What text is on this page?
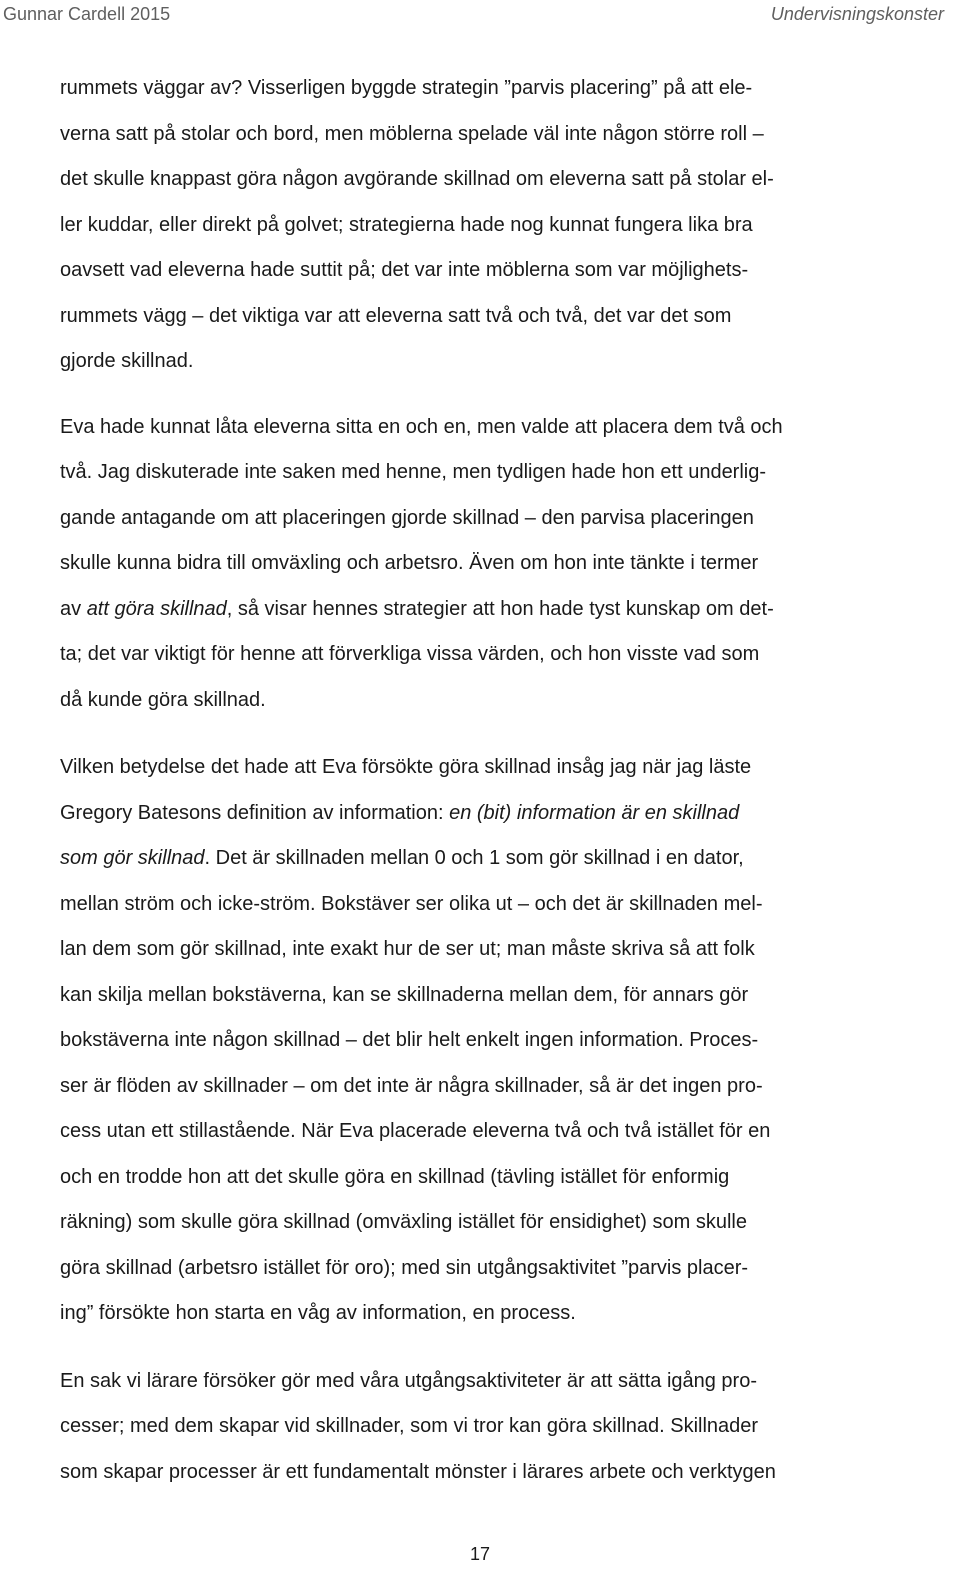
Gunnar Cardell 2015	Undervisningskonster
rummets väggar av? Visserligen byggde strategin ”parvis placering” på att ele-
verna satt på stolar och bord, men möblerna spelade väl inte någon större roll –
det skulle knappast göra någon avgörande skillnad om eleverna satt på stolar el-
ler kuddar, eller direkt på golvet; strategierna hade nog kunnat fungera lika bra
oavsett vad eleverna hade suttit på; det var inte möblerna som var möjlighets-
rummets vägg – det viktiga var att eleverna satt två och två, det var det som
gjorde skillnad.
Eva hade kunnat låta eleverna sitta en och en, men valde att placera dem två och
två. Jag diskuterade inte saken med henne, men tydligen hade hon ett underlig-
gande antagande om att placeringen gjorde skillnad – den parvisa placeringen
skulle kunna bidra till omväxling och arbetsro. Även om hon inte tänkte i termer
av att göra skillnad, så visar hennes strategier att hon hade tyst kunskap om det-
ta; det var viktigt för henne att förverkliga vissa värden, och hon visste vad som
då kunde göra skillnad.
Vilken betydelse det hade att Eva försökte göra skillnad insåg jag när jag läste
Gregory Batesons definition av information: en (bit) information är en skillnad
som gör skillnad. Det är skillnaden mellan 0 och 1 som gör skillnad i en dator,
mellan ström och icke-ström. Bokstäver ser olika ut – och det är skillnaden mel-
lan dem som gör skillnad, inte exakt hur de ser ut; man måste skriva så att folk
kan skilja mellan bokstäverna, kan se skillnaderna mellan dem, för annars gör
bokstäverna inte någon skillnad – det blir helt enkelt ingen information. Proces-
ser är flöden av skillnader – om det inte är några skillnader, så är det ingen pro-
cess utan ett stillastående. När Eva placerade eleverna två och två istället för en
och en trodde hon att det skulle göra en skillnad (tävling istället för enformig
räkning) som skulle göra skillnad (omväxling istället för ensidighet) som skulle
göra skillnad (arbetsro istället för oro); med sin utgångsaktivitet ”parvis placer-
ing” försökte hon starta en våg av information, en process.
En sak vi lärare försöker gör med våra utgångsaktiviteter är att sätta igång pro-
cesser; med dem skapar vid skillnader, som vi tror kan göra skillnad. Skillnader
som skapar processer är ett fundamentalt mönster i lärares arbete och verktygen
17
